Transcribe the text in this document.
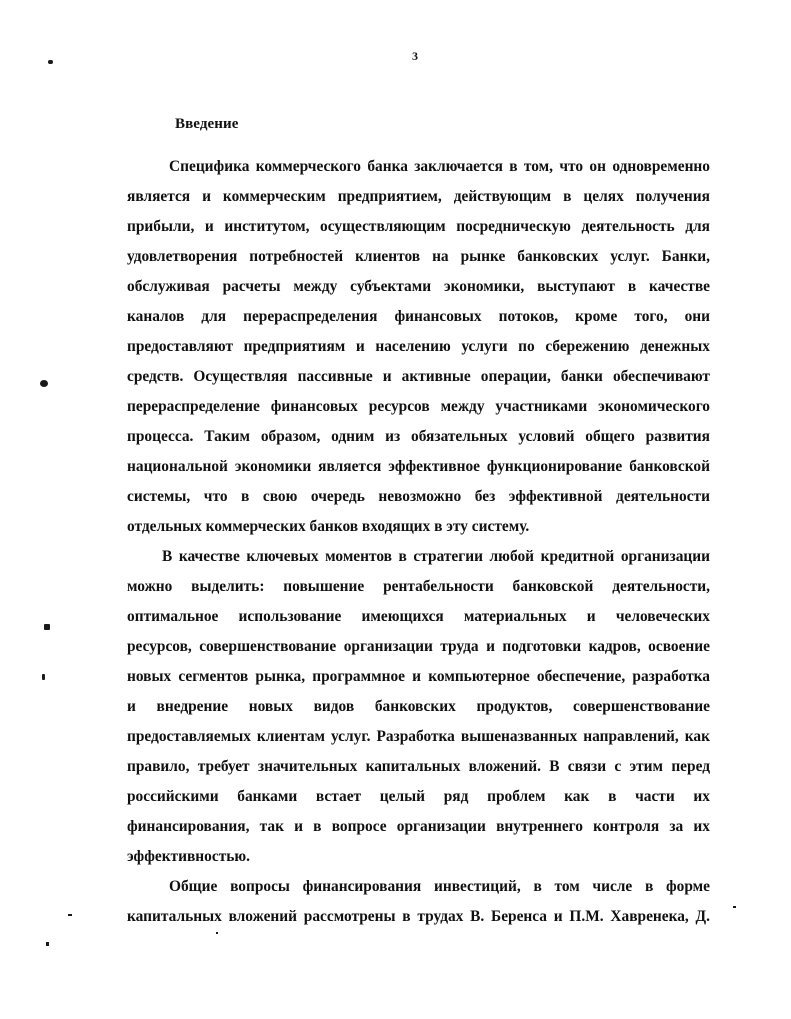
3
Введение
Специфика коммерческого банка заключается в том, что он одновременно
является и коммерческим предприятием, действующим в целях получения
прибыли, и институтом, осуществляющим посредническую деятельность для
удовлетворения потребностей клиентов на рынке банковских услуг. Банки,
обслуживая расчеты между субъектами экономики, выступают в качестве
каналов для перераспределения финансовых потоков, кроме того, они
предоставляют предприятиям и населению услуги по сбережению денежных
средств. Осуществляя пассивные и активные операции, банки обеспечивают
перераспределение финансовых ресурсов между участниками экономического
процесса. Таким образом, одним из обязательных условий общего развития
национальной экономики является эффективное функционирование банковской
системы, что в свою очередь невозможно без эффективной деятельности
отдельных коммерческих банков входящих в эту систему.
В качестве ключевых моментов в стратегии любой кредитной организации
можно выделить: повышение рентабельности банковской деятельности,
оптимальное использование имеющихся материальных и человеческих
ресурсов, совершенствование организации труда и подготовки кадров, освоение
новых сегментов рынка, программное и компьютерное обеспечение, разработка
и внедрение новых видов банковских продуктов, совершенствование
предоставляемых клиентам услуг. Разработка вышеназванных направлений, как
правило, требует значительных капитальных вложений. В связи с этим перед
российскими банками встает целый ряд проблем как в части их
финансирования, так и в вопросе организации внутреннего контроля за их
эффективностью.
Общие вопросы финансирования инвестиций, в том числе в форме
капитальных вложений рассмотрены в трудах В. Беренса и П.М. Хавренека, Д.
